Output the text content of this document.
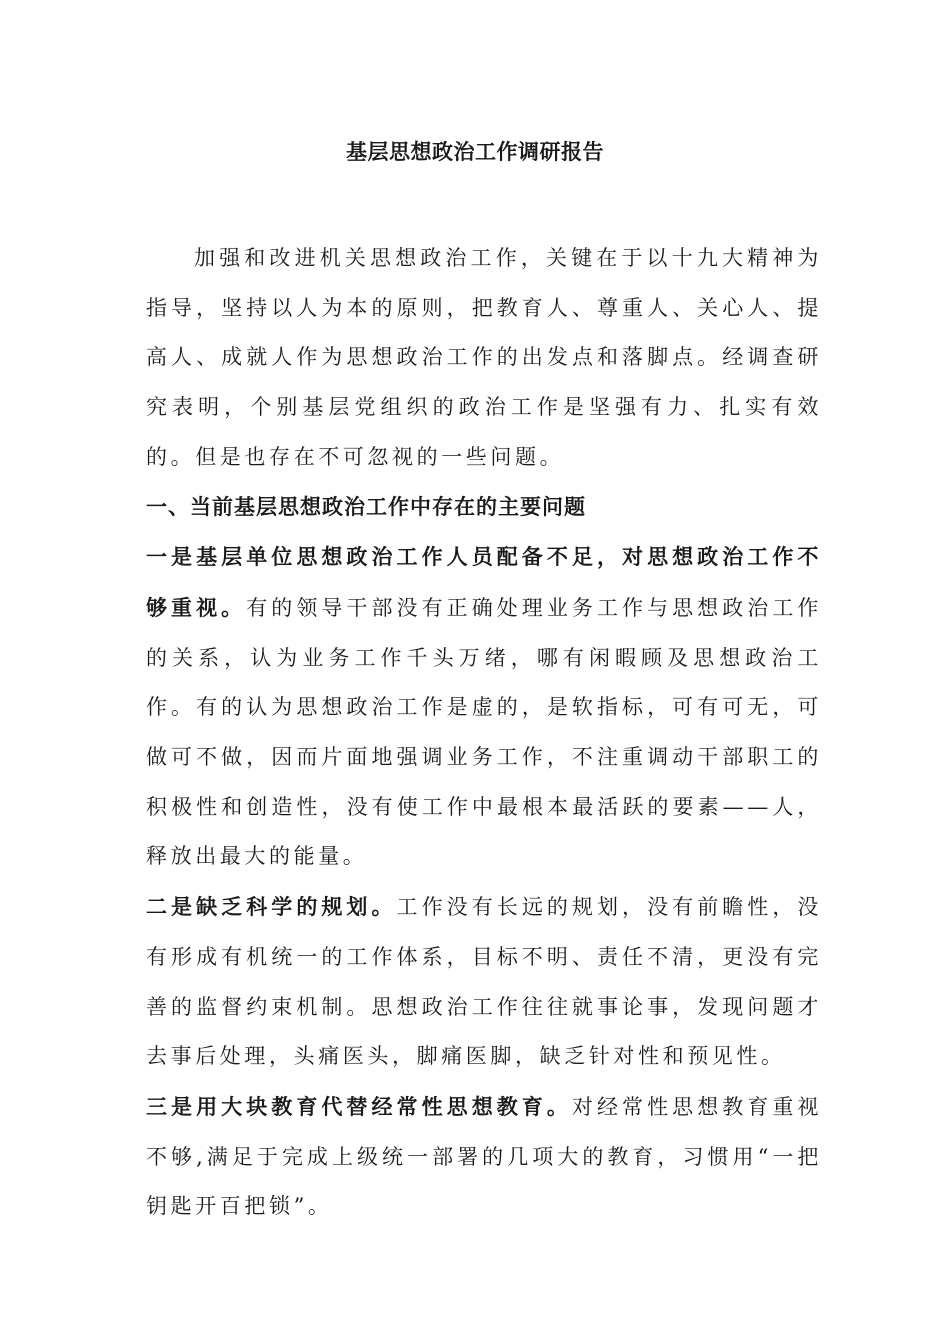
基层思想政治工作调研报告

加强和改进机关思想政治工作，关键在于以十九大精神为指导，坚持以人为本的原则，把教育人、尊重人、关心人、提高人、成就人作为思想政治工作的出发点和落脚点。经调查研究表明，个别基层党组织的政治工作是坚强有力、扎实有效的。但是也存在不可忽视的一些问题。

一、当前基层思想政治工作中存在的主要问题

一是基层单位思想政治工作人员配备不足，对思想政治工作不够重视。有的领导干部没有正确处理业务工作与思想政治工作的关系，认为业务工作千头万绪，哪有闲暇顾及思想政治工作。有的认为思想政治工作是虚的，是软指标，可有可无，可做可不做，因而片面地强调业务工作，不注重调动干部职工的积极性和创造性，没有使工作中最根本最活跃的要素——人，释放出最大的能量。

二是缺乏科学的规划。工作没有长远的规划，没有前瞻性，没有形成有机统一的工作体系，目标不明、责任不清，更没有完善的监督约束机制。思想政治工作往往就事论事，发现问题才去事后处理，头痛医头，脚痛医脚，缺乏针对性和预见性。

三是用大块教育代替经常性思想教育。对经常性思想教育重视不够,满足于完成上级统一部署的几项大的教育，习惯用“一把钥匙开百把锁”。
